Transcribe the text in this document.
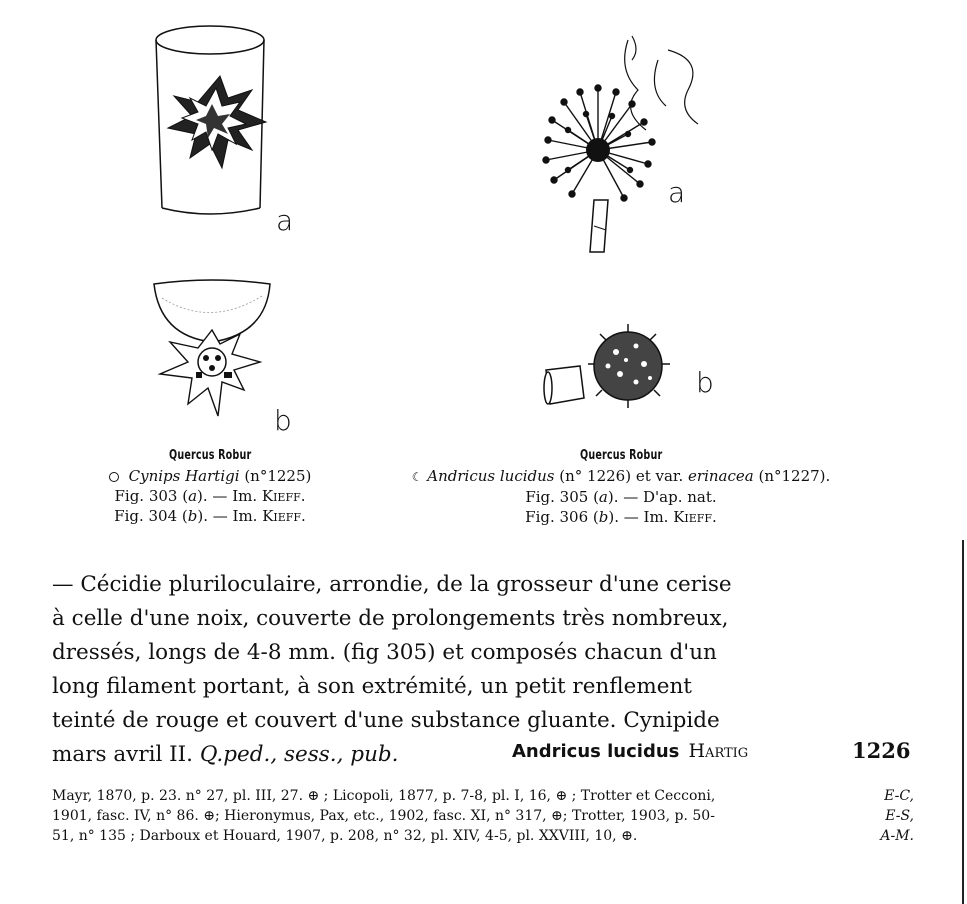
a
b
a
b
Quercus Robur
Cynips Hartigi (n°1225)
Fig. 303 (a). — Im. Kieff.
Fig. 304 (b). — Im. Kieff.
Quercus Robur
☾ Andricus lucidus (n° 1226) et var. erinacea (n°1227).
Fig. 305 (a). — D'ap. nat.
Fig. 306 (b). — Im. Kieff.
— Cécidie pluriloculaire, arrondie, de la grosseur d'une cerise
à celle d'une noix, couverte de prolongements très nombreux,
dressés, longs de 4-8 mm. (fig 305) et composés chacun d'un
long filament portant, à son extrémité, un petit renflement
teinté de rouge et couvert d'une substance gluante. Cynipide
mars avril II. Q.ped., sess., pub.	Andricus lucidus Hartig	1226
Mayr, 1870, p. 23. n° 27, pl. III, 27. ⊕ ; Licopoli, 1877, p. 7-8, pl. I, 16, ⊕ ; Trotter et Cecconi,
1901, fasc. IV, n° 86. ⊕; Hieronymus, Pax, etc., 1902, fasc. XI, n° 317, ⊕; Trotter, 1903, p. 50-
51, n° 135 ; Darboux et Houard, 1907, p. 208, n° 32, pl. XIV, 4-5, pl. XXVIII, 10, ⊕.
E-C,
E-S,
A-M.
